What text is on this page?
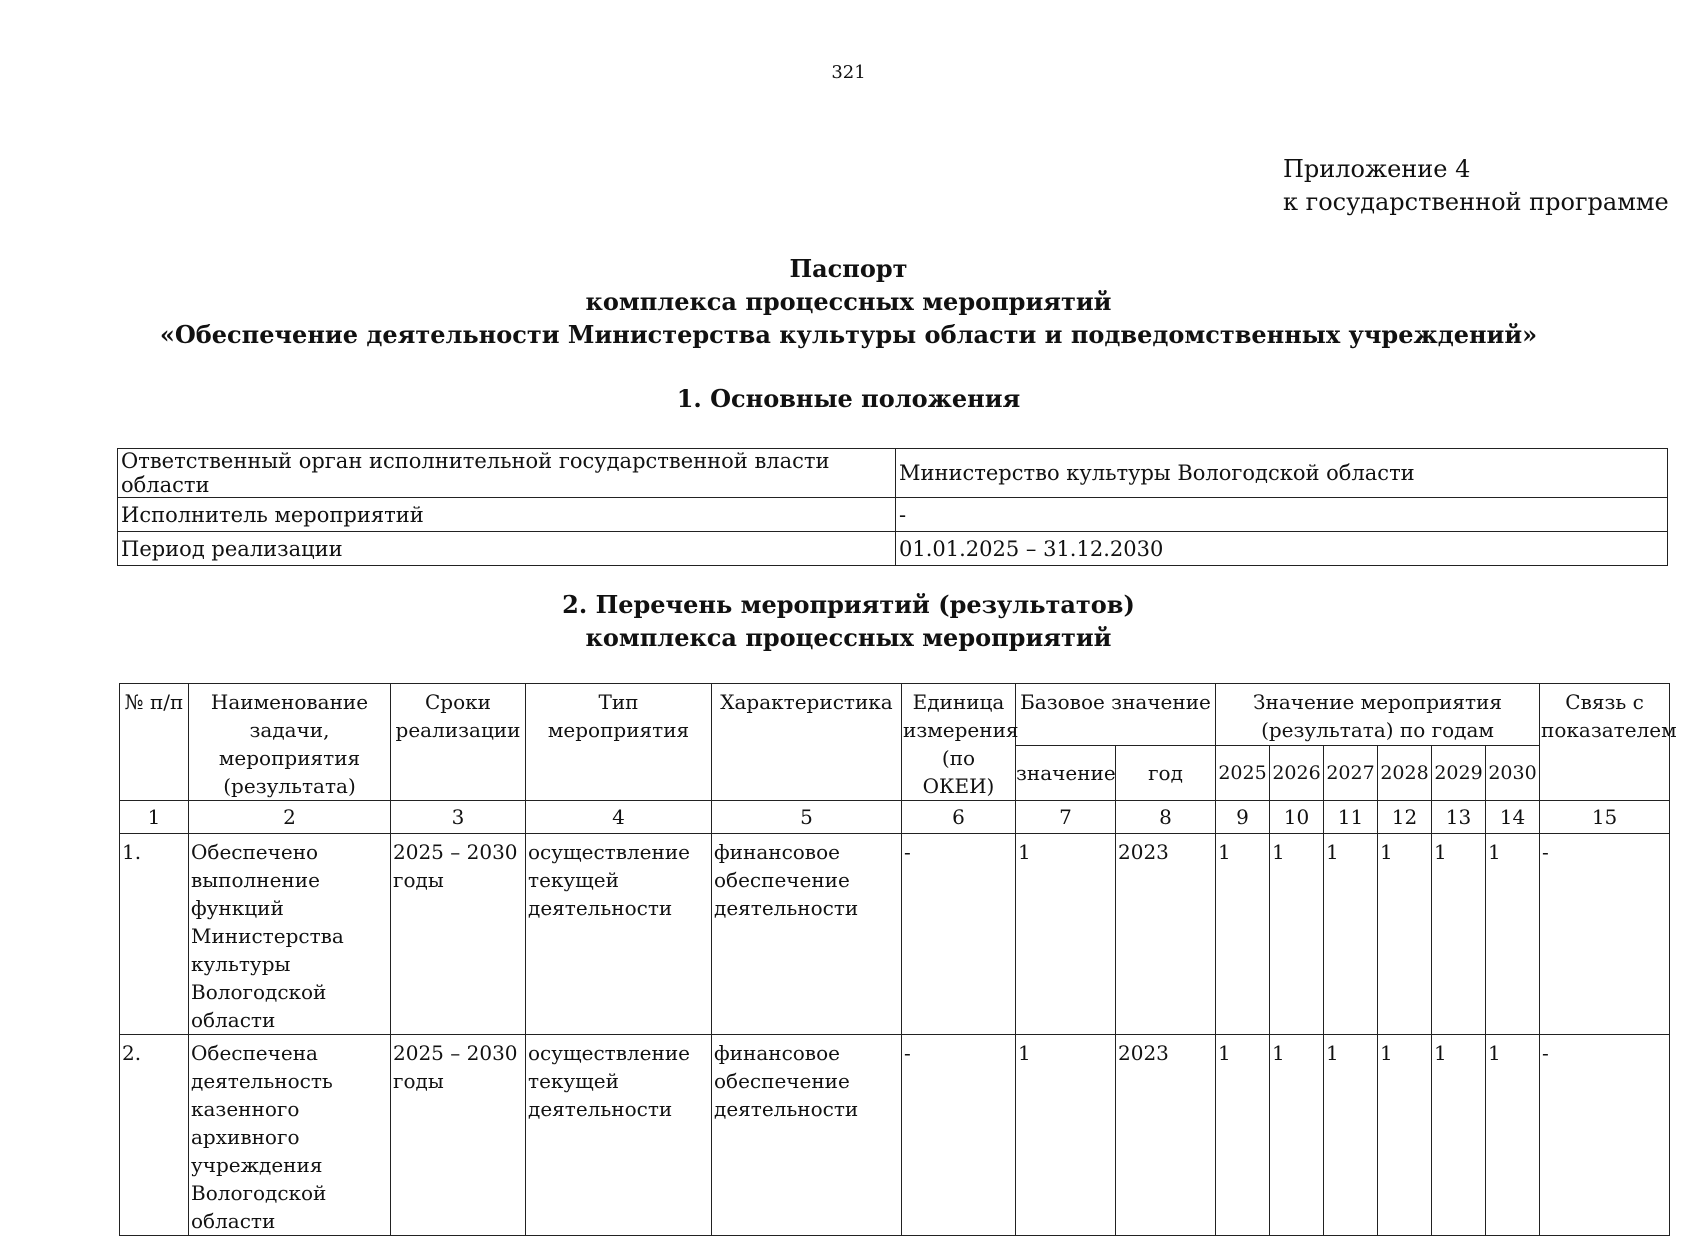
321
Приложение 4
к государственной программе
Паспорт
комплекса процессных мероприятий
«Обеспечение деятельности Министерства культуры области и подведомственных учреждений»
1. Основные положения
Ответственный орган исполнительной государственной власти области	Министерство культуры Вологодской области
Исполнитель мероприятий	-
Период реализации	01.01.2025 – 31.12.2030
2. Перечень мероприятий (результатов)
комплекса процессных мероприятий
№ п/п	Наименование задачи, мероприятия (результата)	Сроки реализации	Тип мероприятия	Характеристика	Единица измерения (по ОКЕИ)	Базовое значение		Значение мероприятия (результата) по годам						Связь с показателем
						значение	год	2025	2026	2027	2028	2029	2030	
1	2	3	4	5	6	7	8	9	10	11	12	13	14	15
1.	Обеспечено выполнение функций Министерства культуры Вологодской области	2025 – 2030 годы	осуществление текущей деятельности	финансовое обеспечение деятельности	-	1	2023	1	1	1	1	1	1	-
2.	Обеспечена деятельность казенного архивного учреждения Вологодской области	2025 – 2030 годы	осуществление текущей деятельности	финансовое обеспечение деятельности	-	1	2023	1	1	1	1	1	1	-
